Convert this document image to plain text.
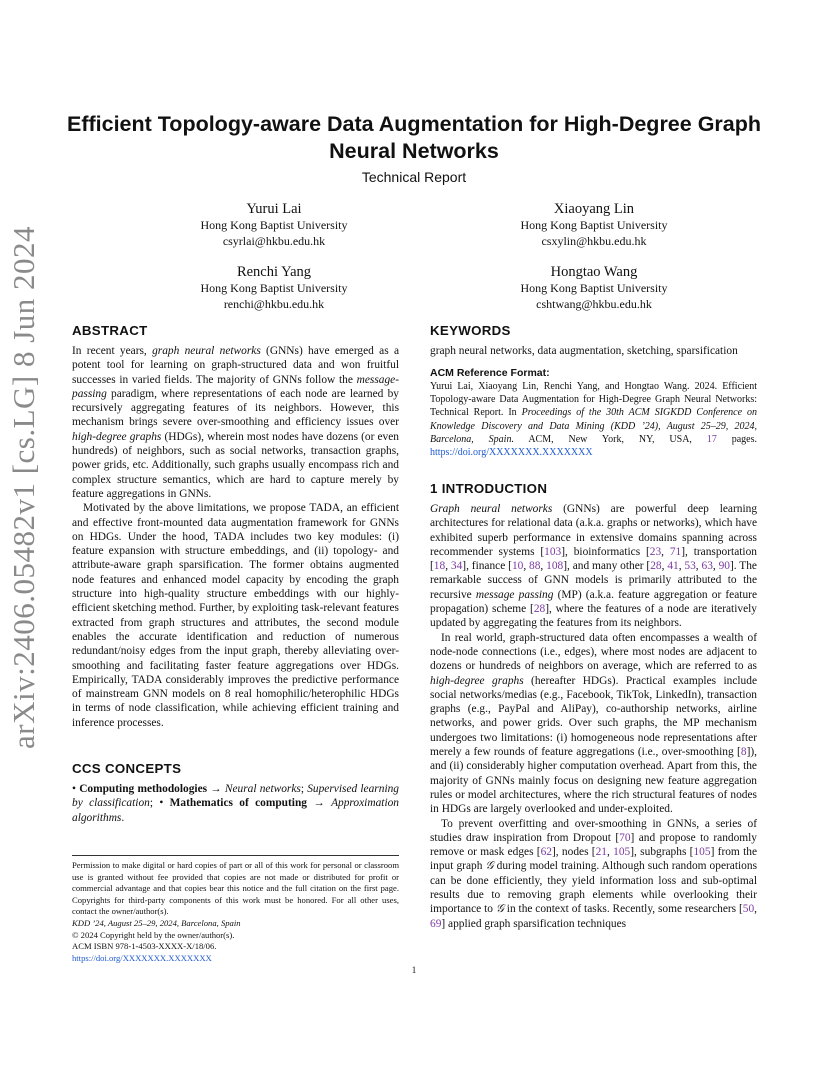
arXiv:2406.05482v1 [cs.LG] 8 Jun 2024
Efficient Topology-aware Data Augmentation for High-Degree Graph Neural Networks
Technical Report
Yurui Lai
Hong Kong Baptist University
csyrlai@hkbu.edu.hk
Xiaoyang Lin
Hong Kong Baptist University
csxylin@hkbu.edu.hk
Renchi Yang
Hong Kong Baptist University
renchi@hkbu.edu.hk
Hongtao Wang
Hong Kong Baptist University
cshtwang@hkbu.edu.hk
ABSTRACT

In recent years, graph neural networks (GNNs) have emerged as a potent tool for learning on graph-structured data and won fruitful successes in varied fields. The majority of GNNs follow the message-passing paradigm, where representations of each node are learned by recursively aggregating features of its neighbors. However, this mechanism brings severe over-smoothing and efficiency issues over high-degree graphs (HDGs), wherein most nodes have dozens (or even hundreds) of neighbors, such as social networks, transaction graphs, power grids, etc. Additionally, such graphs usually encompass rich and complex structure semantics, which are hard to capture merely by feature aggregations in GNNs.

Motivated by the above limitations, we propose TADA, an efficient and effective front-mounted data augmentation framework for GNNs on HDGs. Under the hood, TADA includes two key modules: (i) feature expansion with structure embeddings, and (ii) topology- and attribute-aware graph sparsification. The former obtains augmented node features and enhanced model capacity by encoding the graph structure into high-quality structure embeddings with our highly-efficient sketching method. Further, by exploiting task-relevant features extracted from graph structures and attributes, the second module enables the accurate identification and reduction of numerous redundant/noisy edges from the input graph, thereby alleviating over-smoothing and facilitating faster feature aggregations over HDGs. Empirically, TADA considerably improves the predictive performance of mainstream GNN models on 8 real homophilic/heterophilic HDGs in terms of node classification, while achieving efficient training and inference processes.

CCS CONCEPTS

• Computing methodologies → Neural networks; Supervised learning by classification; • Mathematics of computing → Approximation algorithms.

Permission to make digital or hard copies of part or all of this work for personal or classroom use is granted without fee provided that copies are not made or distributed for profit or commercial advantage and that copies bear this notice and the full citation on the first page. Copyrights for third-party components of this work must be honored. For all other uses, contact the owner/author(s).
KDD ’24, August 25–29, 2024, Barcelona, Spain
© 2024 Copyright held by the owner/author(s).
ACM ISBN 978-1-4503-XXXX-X/18/06.
https://doi.org/XXXXXXX.XXXXXXX
KEYWORDS

graph neural networks, data augmentation, sketching, sparsification

ACM Reference Format:
Yurui Lai, Xiaoyang Lin, Renchi Yang, and Hongtao Wang. 2024. Efficient Topology-aware Data Augmentation for High-Degree Graph Neural Networks: Technical Report. In Proceedings of the 30th ACM SIGKDD Conference on Knowledge Discovery and Data Mining (KDD ’24), August 25–29, 2024, Barcelona, Spain. ACM, New York, NY, USA, 17 pages. https://doi.org/XXXXXXX.XXXXXXX
1 INTRODUCTION

Graph neural networks (GNNs) are powerful deep learning architectures for relational data (a.k.a. graphs or networks), which have exhibited superb performance in extensive domains spanning across recommender systems [103], bioinformatics [23, 71], transportation [18, 34], finance [10, 88, 108], and many other [28, 41, 53, 63, 90]. The remarkable success of GNN models is primarily attributed to the recursive message passing (MP) (a.k.a. feature aggregation or feature propagation) scheme [28], where the features of a node are iteratively updated by aggregating the features from its neighbors.

In real world, graph-structured data often encompasses a wealth of node-node connections (i.e., edges), where most nodes are adjacent to dozens or hundreds of neighbors on average, which are referred to as high-degree graphs (hereafter HDGs). Practical examples include social networks/medias (e.g., Facebook, TikTok, LinkedIn), transaction graphs (e.g., PayPal and AliPay), co-authorship networks, airline networks, and power grids. Over such graphs, the MP mechanism undergoes two limitations: (i) homogeneous node representations after merely a few rounds of feature aggregations (i.e., over-smoothing [8]), and (ii) considerably higher computation overhead. Apart from this, the majority of GNNs mainly focus on designing new feature aggregation rules or model architectures, where the rich structural features of nodes in HDGs are largely overlooked and under-exploited.

To prevent overfitting and over-smoothing in GNNs, a series of studies draw inspiration from Dropout [70] and propose to randomly remove or mask edges [62], nodes [21, 105], subgraphs [105] from the input graph 𝒢 during model training. Although such random operations can be done efficiently, they yield information loss and sub-optimal results due to removing graph elements while overlooking their importance to 𝒢 in the context of tasks. Recently, some researchers [50, 69] applied graph sparsification techniques

1
